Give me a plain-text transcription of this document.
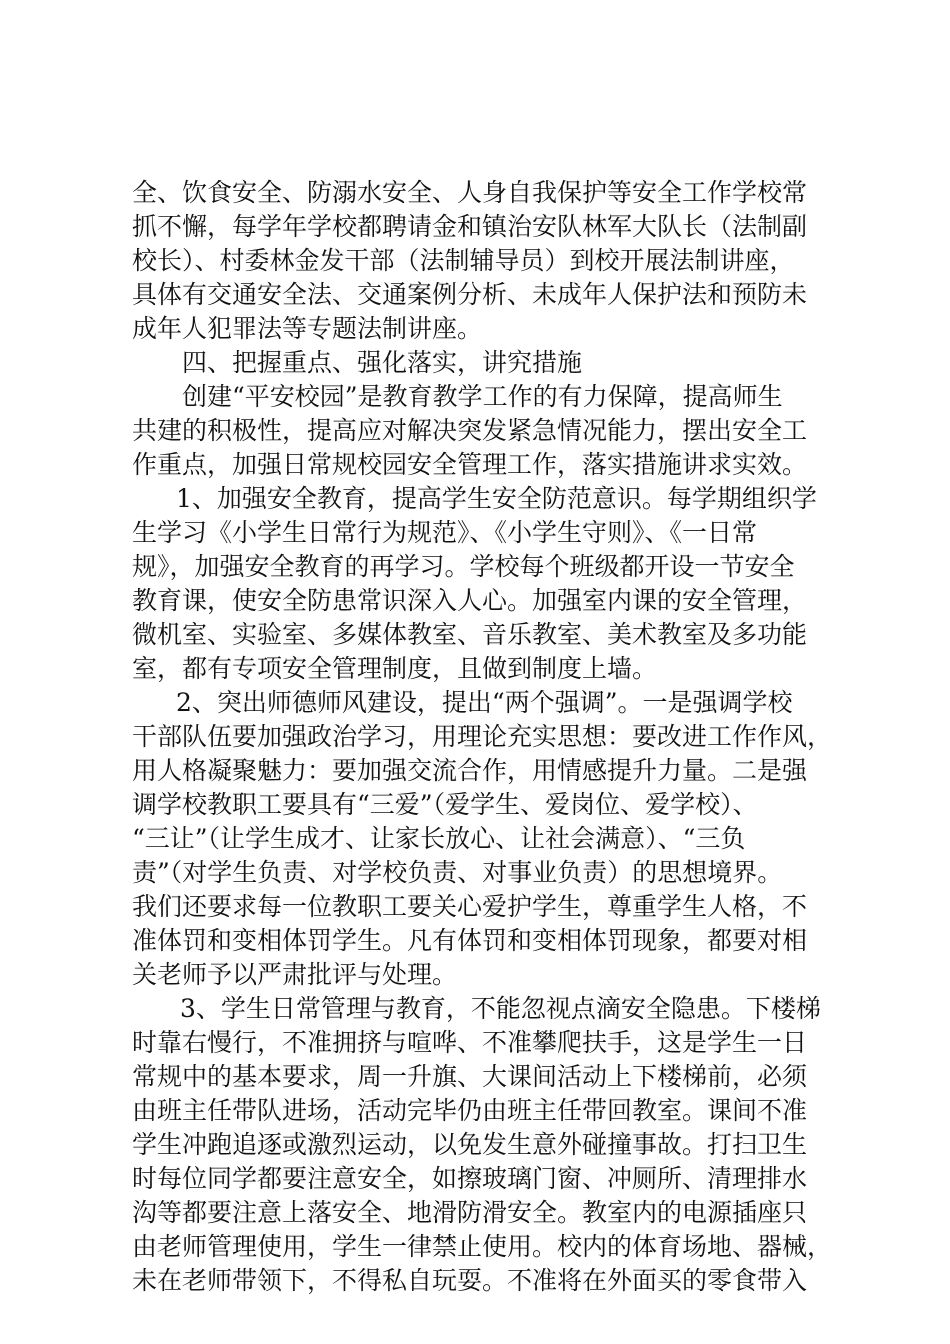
全、饮食安全、防溺水安全、人身自我保护等安全工作学校常
抓不懈，每学年学校都聘请金和镇治安队林军大队长（法制副
校长）、村委林金发干部（法制辅导员）到校开展法制讲座，
具体有交通安全法、交通案例分析、未成年人保护法和预防未
成年人犯罪法等专题法制讲座。
四、把握重点、强化落实，讲究措施
创建“平安校园”是教育教学工作的有力保障，提高师生
共建的积极性，提高应对解决突发紧急情况能力，摆出安全工
作重点，加强日常规校园安全管理工作，落实措施讲求实效。
1、加强安全教育，提高学生安全防范意识。每学期组织学
生学习《小学生日常行为规范》、《小学生守则》、《一日常
规》，加强安全教育的再学习。学校每个班级都开设一节安全
教育课，使安全防患常识深入人心。加强室内课的安全管理，
微机室、实验室、多媒体教室、音乐教室、美术教室及多功能
室，都有专项安全管理制度，且做到制度上墙。
2、突出师德师风建设，提出“两个强调”。一是强调学校
干部队伍要加强政治学习，用理论充实思想：要改进工作作风，
用人格凝聚魅力：要加强交流合作，用情感提升力量。二是强
调学校教职工要具有“三爱”（爱学生、爱岗位、爱学校）、
“三让”（让学生成才、让家长放心、让社会满意）、“三负
责”（对学生负责、对学校负责、对事业负责）的思想境界。
我们还要求每一位教职工要关心爱护学生，尊重学生人格，不
准体罚和变相体罚学生。凡有体罚和变相体罚现象，都要对相
关老师予以严肃批评与处理。
3、学生日常管理与教育，不能忽视点滴安全隐患。下楼梯
时靠右慢行，不准拥挤与喧哗、不准攀爬扶手，这是学生一日
常规中的基本要求，周一升旗、大课间活动上下楼梯前，必须
由班主任带队进场，活动完毕仍由班主任带回教室。课间不准
学生冲跑追逐或激烈运动，以免发生意外碰撞事故。打扫卫生
时每位同学都要注意安全，如擦玻璃门窗、冲厕所、清理排水
沟等都要注意上落安全、地滑防滑安全。教室内的电源插座只
由老师管理使用，学生一律禁止使用。校内的体育场地、器械，
未在老师带领下，不得私自玩耍。不准将在外面买的零食带入
